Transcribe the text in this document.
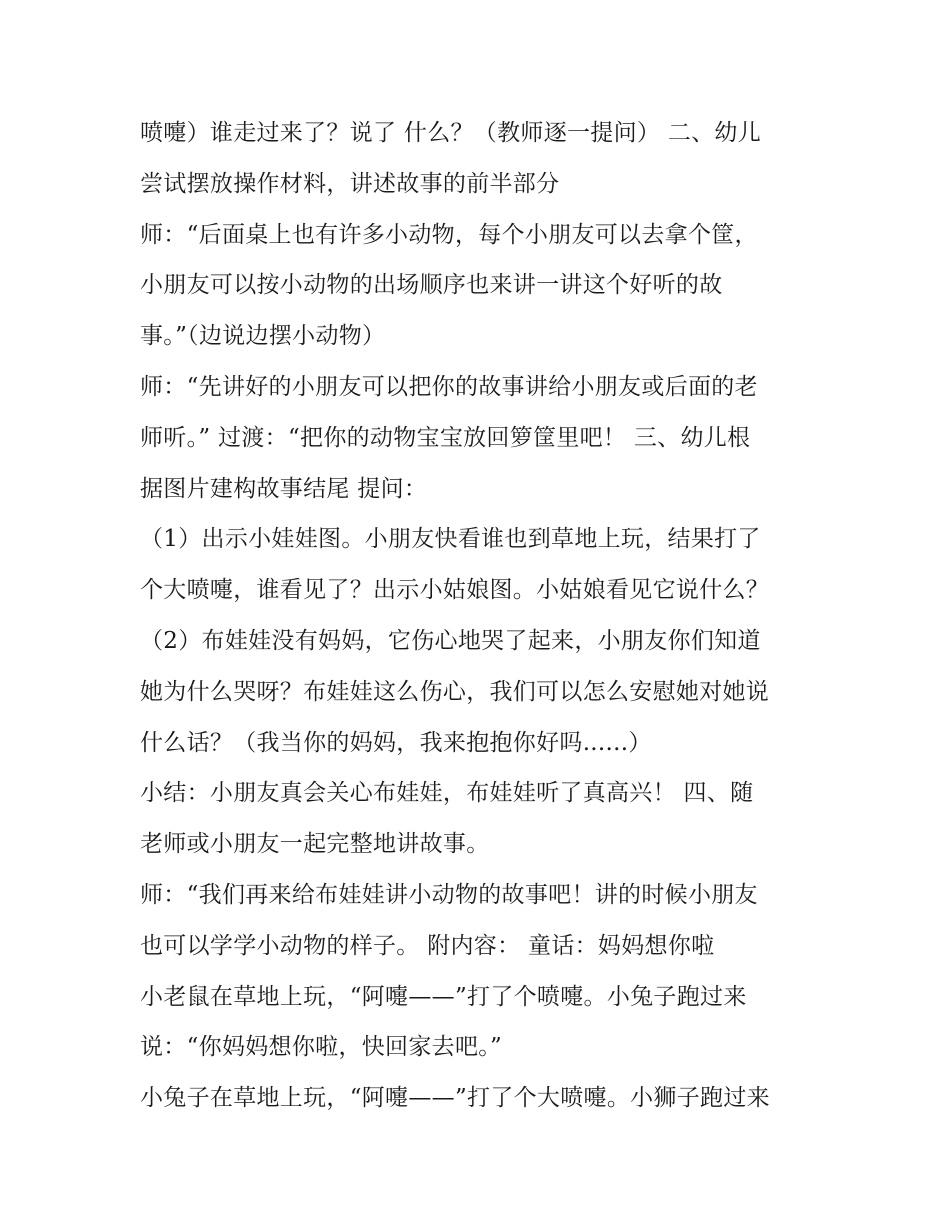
喷嚏）谁走过来了？说了 什么？（教师逐一提问） 二、幼儿
尝试摆放操作材料，讲述故事的前半部分
师：“后面桌上也有许多小动物，每个小朋友可以去拿个筐，
小朋友可以按小动物的出场顺序也来讲一讲这个好听的故
事。”（边说边摆小动物）
师：“先讲好的小朋友可以把你的故事讲给小朋友或后面的老
师听。” 过渡：“把你的动物宝宝放回箩筐里吧！ 三、幼儿根
据图片建构故事结尾 提问：
（1）出示小娃娃图。小朋友快看谁也到草地上玩，结果打了
个大喷嚏，谁看见了？出示小姑娘图。小姑娘看见它说什么？
（2）布娃娃没有妈妈，它伤心地哭了起来，小朋友你们知道
她为什么哭呀？布娃娃这么伤心，我们可以怎么安慰她对她说
什么话？（我当你的妈妈，我来抱抱你好吗......）
小结：小朋友真会关心布娃娃，布娃娃听了真高兴！ 四、随
老师或小朋友一起完整地讲故事。
师：“我们再来给布娃娃讲小动物的故事吧！讲的时候小朋友
也可以学学小动物的样子。 附内容： 童话：妈妈想你啦
小老鼠在草地上玩，“阿嚏——”打了个喷嚏。小兔子跑过来
说：“你妈妈想你啦，快回家去吧。”
小兔子在草地上玩，“阿嚏——”打了个大喷嚏。小狮子跑过来
